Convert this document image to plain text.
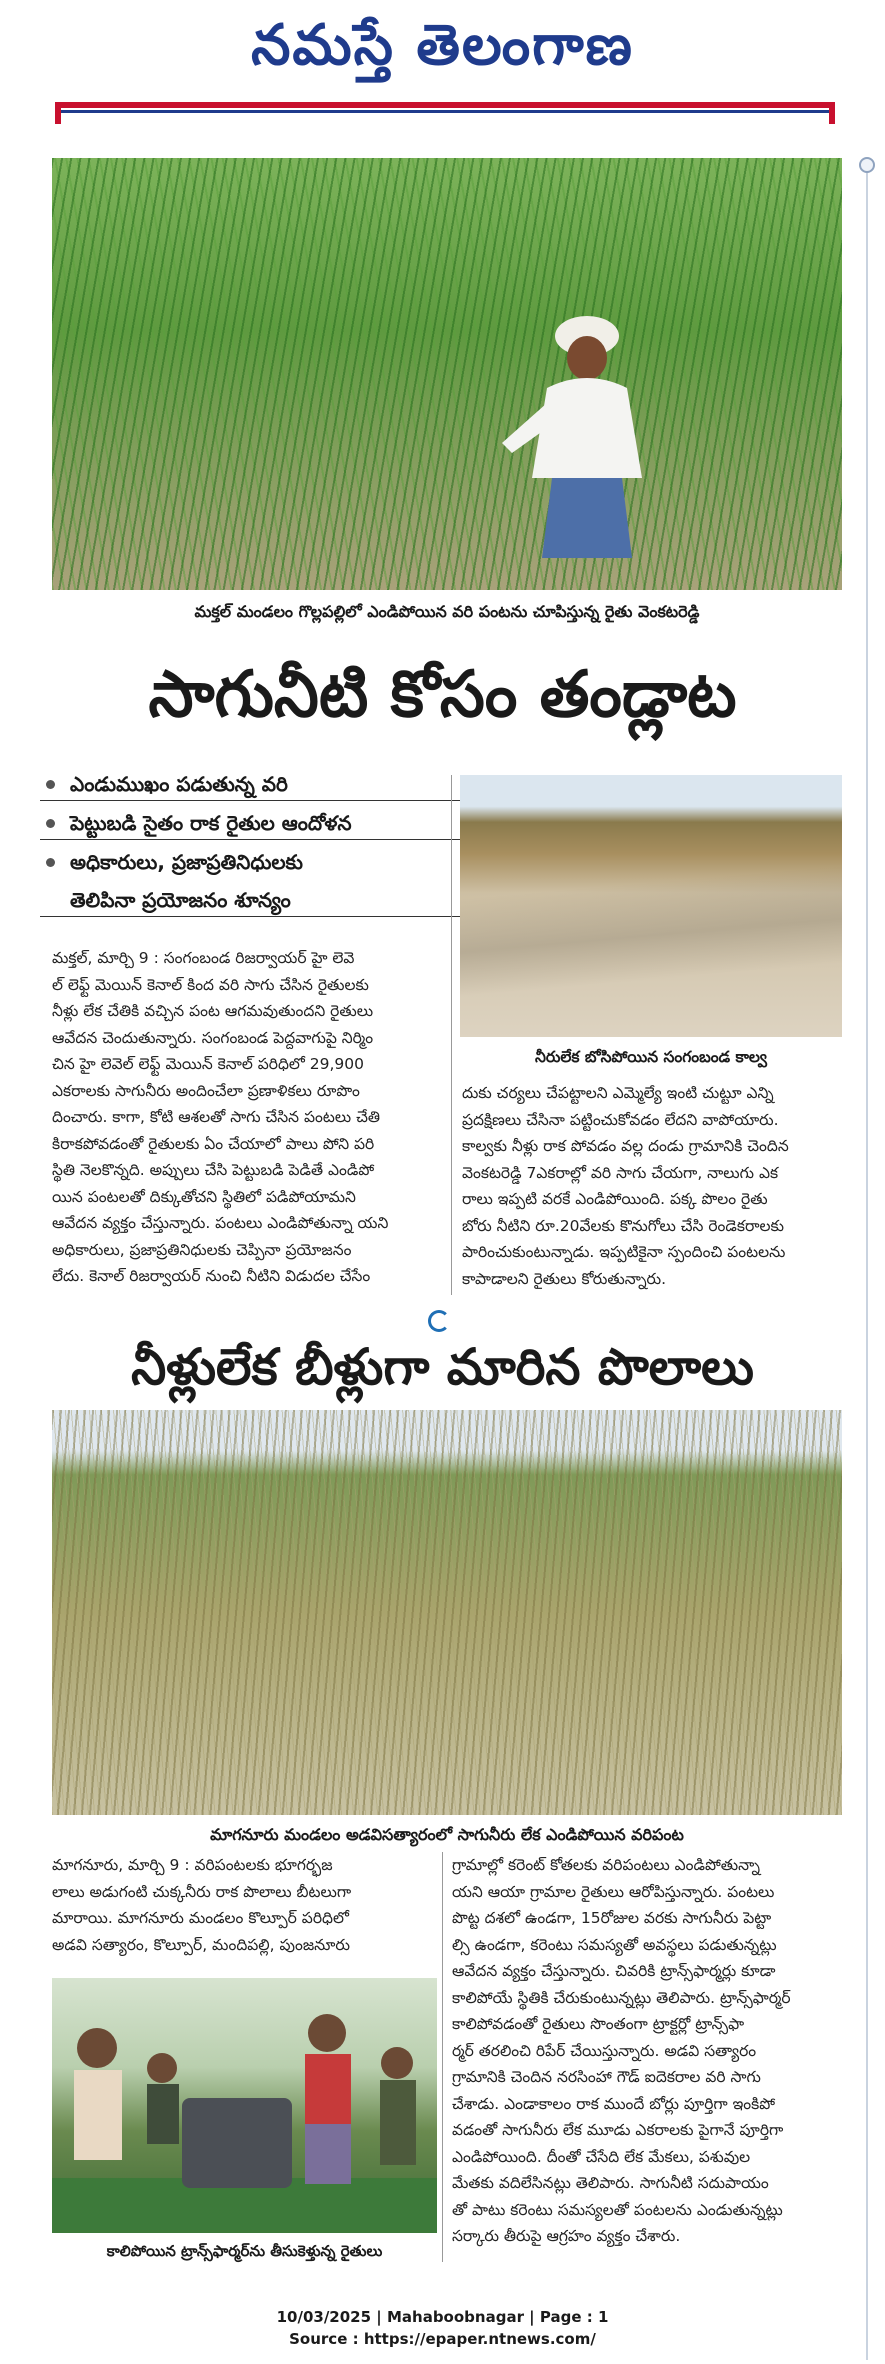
నమస్తే తెలంగాణ
మక్తల్ మండలం గొల్లపల్లిలో ఎండిపోయిన వరి పంటను చూపిస్తున్న రైతు వెంకటరెడ్డి
సాగునీటి కోసం తండ్లాట
ఎండుముఖం పడుతున్న వరి
పెట్టుబడి సైతం రాక రైతుల ఆందోళన
అధికారులు, ప్రజాప్రతినిధులకు
తెలిపినా ప్రయోజనం శూన్యం

మక్తల్, మార్చి 9 : సంగంబండ రిజర్వాయర్ హై లెవె

ల్ లెఫ్ట్ మెయిన్ కెనాల్ కింద వరి సాగు చేసిన రైతులకు

నీళ్లు లేక చేతికి వచ్చిన పంట ఆగమవుతుందని రైతులు

ఆవేదన చెందుతున్నారు. సంగంబండ పెద్దవాగుపై నిర్మిం

చిన హై లెవెల్ లెఫ్ట్ మెయిన్ కెనాల్ పరిధిలో 29,900

ఎకరాలకు సాగునీరు అందించేలా ప్రణాళికలు రూపొం

దించారు. కాగా, కోటి ఆశలతో సాగు చేసిన పంటలు చేతి

కిరాకపోవడంతో రైతులకు ఏం చేయాలో పాలు పోని పరి

స్థితి నెలకొన్నది. అప్పులు చేసి పెట్టుబడి పెడితే ఎండిపో

యిన పంటలతో దిక్కుతోచని స్థితిలో పడిపోయామని

ఆవేదన వ్యక్తం చేస్తున్నారు. పంటలు ఎండిపోతున్నా యని

అధికారులు, ప్రజాప్రతినిధులకు చెప్పినా ప్రయోజనం

లేదు. కెనాల్ రిజర్వాయర్ నుంచి నీటిని విడుదల చేసేం

నీరులేక బోసిపోయిన సంగంబండ కాల్వ

దుకు చర్యలు చేపట్టాలని ఎమ్మెల్యే ఇంటి చుట్టూ ఎన్ని

ప్రదక్షిణలు చేసినా పట్టించుకోవడం లేదని వాపోయారు.

కాల్వకు నీళ్లు రాక పోవడం వల్ల దండు గ్రామానికి చెందిన

వెంకటరెడ్డి 7ఎకరాల్లో వరి సాగు చేయగా, నాలుగు ఎక

రాలు ఇప్పటి వరకే ఎండిపోయింది. పక్క పొలం రైతు

బోరు నీటిని రూ.20వేలకు కొనుగోలు చేసి రెండెకరాలకు

పారించుకుంటున్నాడు. ఇప్పటికైనా స్పందించి పంటలను

కాపాడాలని రైతులు కోరుతున్నారు.

నీళ్లులేక బీళ్లుగా మారిన పొలాలు
మాగనూరు మండలం అడవిసత్యారంలో సాగునీరు లేక ఎండిపోయిన వరిపంట

మాగనూరు, మార్చి 9 : వరిపంటలకు భూగర్భజ

లాలు అడుగంటి చుక్కనీరు రాక పొలాలు బీటలుగా

మారాయి. మాగనూరు మండలం కొల్పూర్ పరిధిలో

అడవి సత్యారం, కొల్పూర్, మందిపల్లి, పుంజనూరు

కాలిపోయిన ట్రాన్స్‌ఫార్మర్‌ను తీసుకెళ్తున్న రైతులు

గ్రామాల్లో కరెంట్ కోతలకు వరిపంటలు ఎండిపోతున్నా

యని ఆయా గ్రామాల రైతులు ఆరోపిస్తున్నారు. పంటలు

పొట్ట దశలో ఉండగా, 15రోజుల వరకు సాగునీరు పెట్టా

ల్సి ఉండగా, కరెంటు సమస్యతో అవస్థలు పడుతున్నట్లు

ఆవేదన వ్యక్తం చేస్తున్నారు. చివరికి ట్రాన్స్‌ఫార్మర్లు కూడా

కాలిపోయే స్థితికి చేరుకుంటున్నట్లు తెలిపారు. ట్రాన్స్‌ఫార్మర్

కాలిపోవడంతో రైతులు సొంతంగా ట్రాక్టర్లో ట్రాన్స్‌ఫా

ర్మర్ తరలించి రిపేర్ చేయిస్తున్నారు. అడవి సత్యారం

గ్రామానికి చెందిన నరసింహా గౌడ్ ఐదెకరాల వరి సాగు

చేశాడు. ఎండాకాలం రాక ముందే బోర్లు పూర్తిగా ఇంకిపో

వడంతో సాగునీరు లేక మూడు ఎకరాలకు పైగానే పూర్తిగా

ఎండిపోయింది. దీంతో చేసేది లేక మేకలు, పశువుల

మేతకు వదిలేసినట్లు తెలిపారు. సాగునీటి సదుపాయం

తో పాటు కరెంటు సమస్యలతో పంటలను ఎండుతున్నట్లు

సర్కారు తీరుపై ఆగ్రహం వ్యక్తం చేశారు.

10/03/2025 | Mahaboobnagar | Page : 1
Source : https://epaper.ntnews.com/
